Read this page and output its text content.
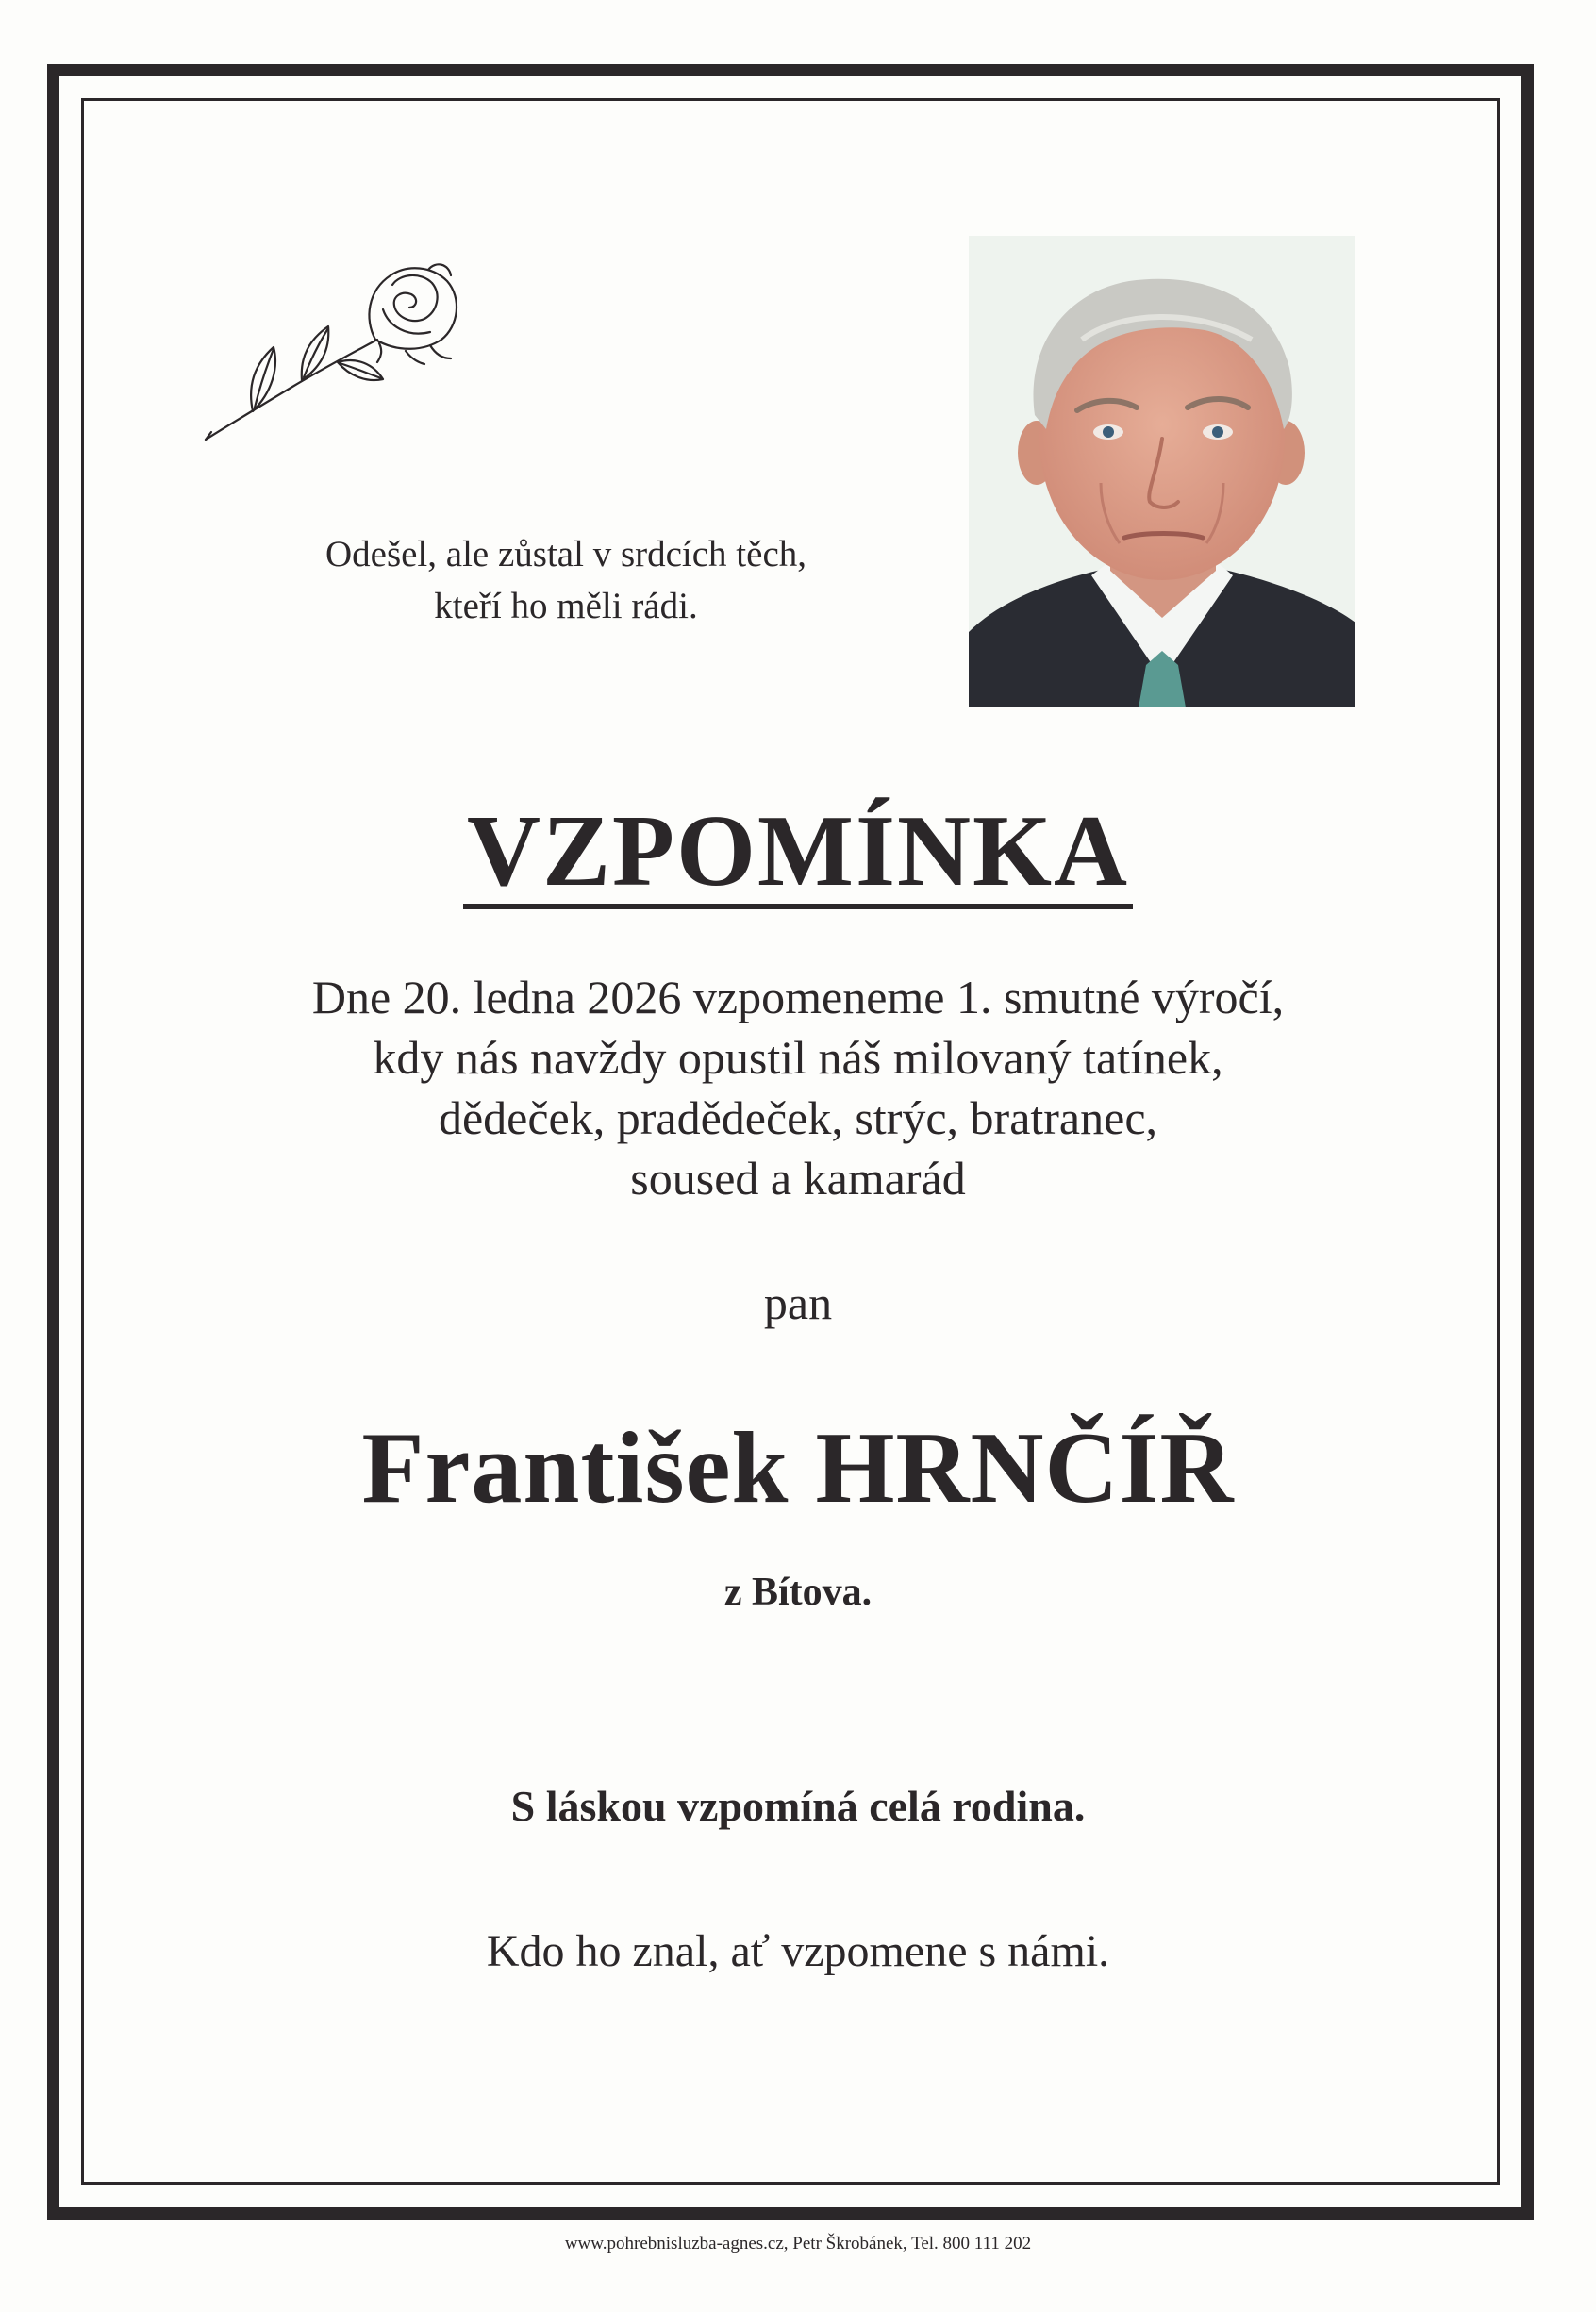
Odešel, ale zůstal v srdcích těch,
kteří ho měli rádi.
VZPOMÍNKA
Dne 20. ledna 2026 vzpomeneme 1. smutné výročí,
kdy nás navždy opustil náš milovaný tatínek,
dědeček, pradědeček, strýc, bratranec,
soused a kamarád
pan
František HRNČÍŘ
z Bítova.
S láskou vzpomíná celá rodina.
Kdo ho znal, ať vzpomene s námi.
www.pohrebnisluzba-agnes.cz, Petr Škrobánek, Tel. 800 111 202
